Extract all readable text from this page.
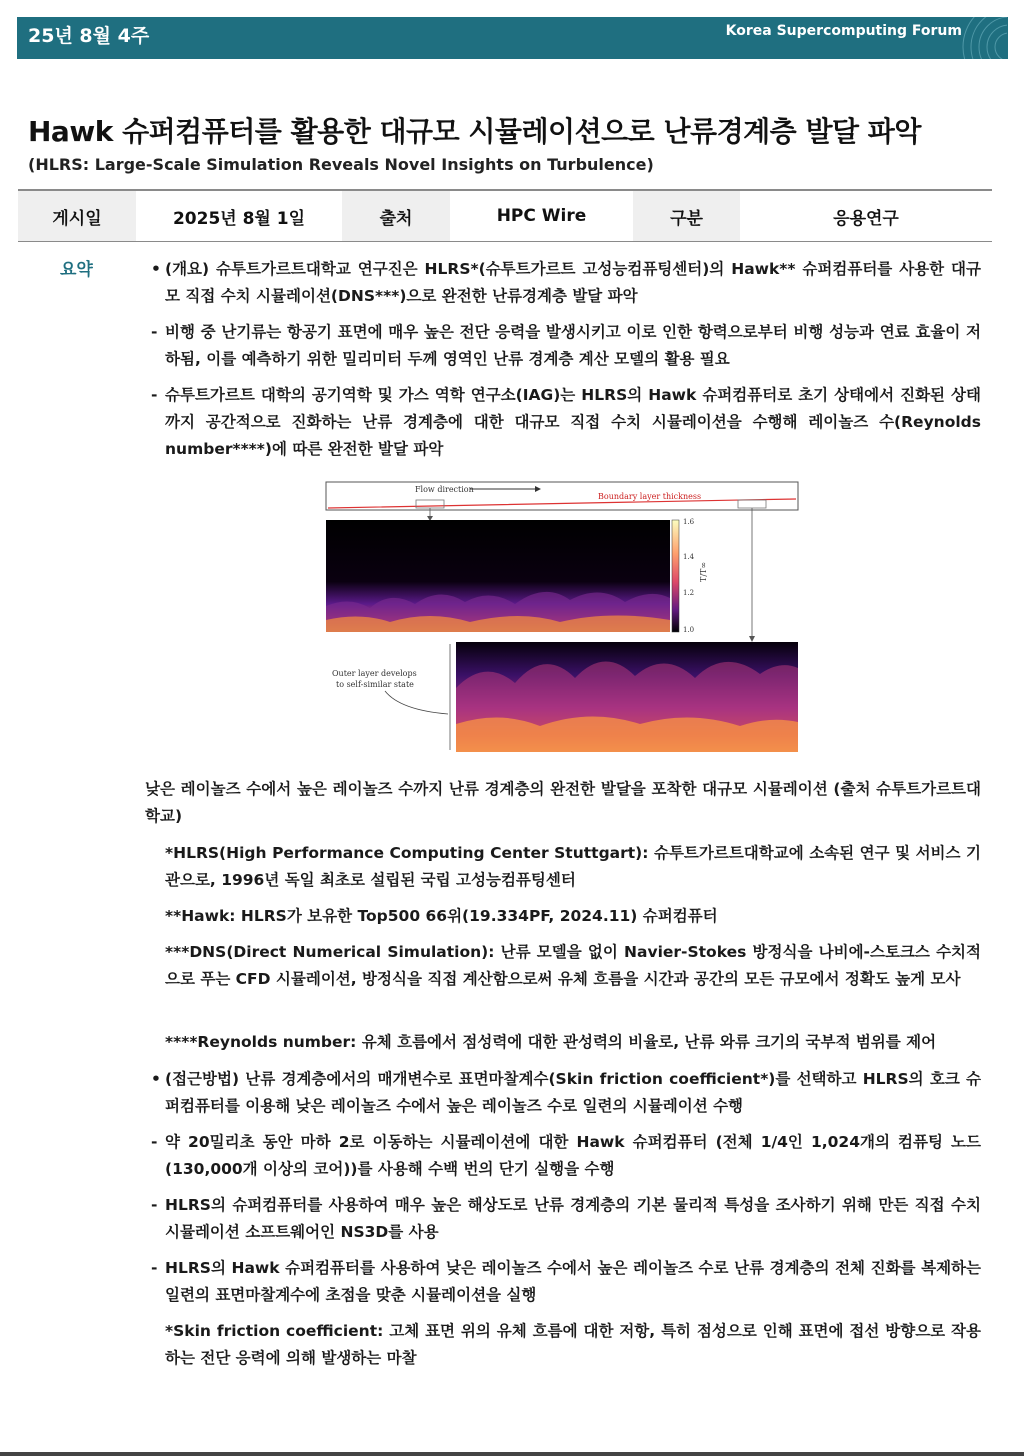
25년 8월 4주	Korea Supercomputing Forum
Hawk 슈퍼컴퓨터를 활용한 대규모 시뮬레이션으로 난류경계층 발달 파악
(HLRS: Large-Scale Simulation Reveals Novel Insights on Turbulence)
게시일	2025년 8월 1일	출처	HPC Wire	구분	응용연구
요약	• (개요) 슈투트가르트대학교 연구진은 HLRS*(슈투트가르트 고성능컴퓨팅센터)의 Hawk** 슈퍼컴퓨터를 사용한 대규모 직접 수치 시뮬레이션(DNS***)으로 완전한 난류경계층 발달 파악
- 비행 중 난기류는 항공기 표면에 매우 높은 전단 응력을 발생시키고 이로 인한 항력으로부터 비행 성능과 연료 효율이 저하됨, 이를 예측하기 위한 밀리미터 두께 영역인 난류 경계층 계산 모델의 활용 필요
- 슈투트가르트 대학의 공기역학 및 가스 역학 연구소(IAG)는 HLRS의 Hawk 슈퍼컴퓨터로 초기 상태에서 진화된 상태까지 공간적으로 진화하는 난류 경계층에 대한 대규모 직접 수치 시뮬레이션을 수행해 레이놀즈 수(Reynolds number****)에 따른 완전한 발달 파악
Flow direction
Boundary layer thickness
1.6
1.4
1.2
1.0
T/T∞
Outer layer develops
to self-similar state
낮은 레이놀즈 수에서 높은 레이놀즈 수까지 난류 경계층의 완전한 발달을 포착한 대규모 시뮬레이션 (출처 슈투트가르트대학교)
*HLRS(High Performance Computing Center Stuttgart): 슈투트가르트대학교에 소속된 연구 및 서비스 기관으로, 1996년 독일 최초로 설립된 국립 고성능컴퓨팅센터
**Hawk: HLRS가 보유한 Top500 66위(19.334PF, 2024.11) 슈퍼컴퓨터
***DNS(Direct Numerical Simulation): 난류 모델을 없이 Navier-Stokes 방정식을 나비에-스토크스 수치적으로 푸는 CFD 시뮬레이션, 방정식을 직접 계산함으로써 유체 흐름을 시간과 공간의 모든 규모에서 정확도 높게 모사
****Reynolds number: 유체 흐름에서 점성력에 대한 관성력의 비율로, 난류 와류 크기의 국부적 범위를 제어
• (접근방법) 난류 경계층에서의 매개변수로 표면마찰계수(Skin friction coefficient*)를 선택하고 HLRS의 호크 슈퍼컴퓨터를 이용해 낮은 레이놀즈 수에서 높은 레이놀즈 수로 일련의 시뮬레이션 수행
- 약 20밀리초 동안 마하 2로 이동하는 시뮬레이션에 대한 Hawk 슈퍼컴퓨터 (전체 1/4인 1,024개의 컴퓨팅 노드(130,000개 이상의 코어))를 사용해 수백 번의 단기 실행을 수행
- HLRS의 슈퍼컴퓨터를 사용하여 매우 높은 해상도로 난류 경계층의 기본 물리적 특성을 조사하기 위해 만든 직접 수치 시뮬레이션 소프트웨어인 NS3D를 사용
- HLRS의 Hawk 슈퍼컴퓨터를 사용하여 낮은 레이놀즈 수에서 높은 레이놀즈 수로 난류 경계층의 전체 진화를 복제하는 일련의 표면마찰계수에 초점을 맞춘 시뮬레이션을 실행
*Skin friction coefficient: 고체 표면 위의 유체 흐름에 대한 저항, 특히 점성으로 인해 표면에 접선 방향으로 작용하는 전단 응력에 의해 발생하는 마찰
